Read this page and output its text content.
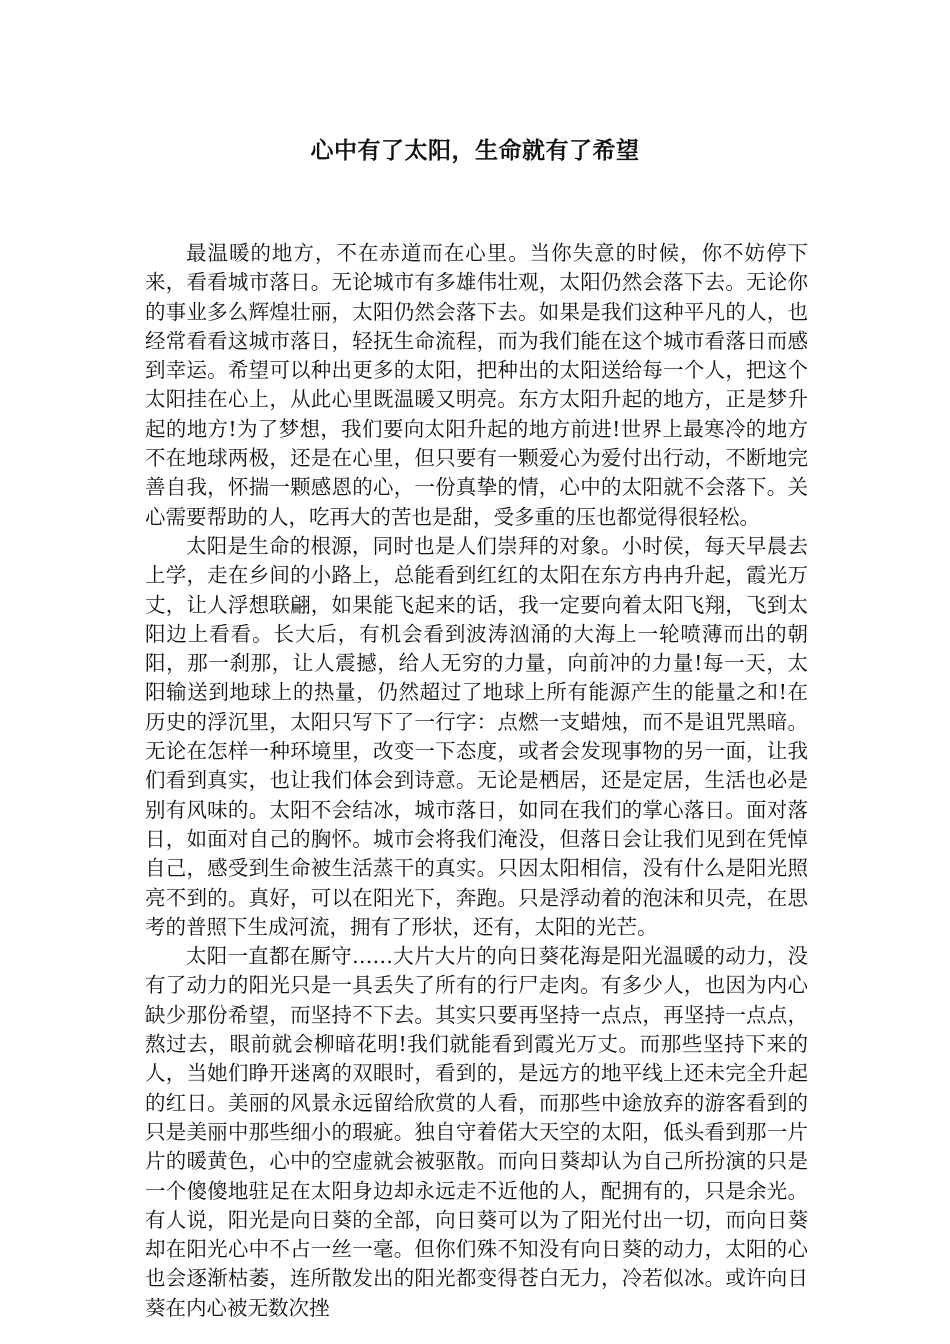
心中有了太阳，生命就有了希望

最温暖的地方，不在赤道而在心里。当你失意的时候，你不妨停下来，看看城市落日。无论城市有多雄伟壮观，太阳仍然会落下去。无论你的事业多么辉煌壮丽，太阳仍然会落下去。如果是我们这种平凡的人，也经常看看这城市落日，轻抚生命流程，而为我们能在这个城市看落日而感到幸运。希望可以种出更多的太阳，把种出的太阳送给每一个人，把这个太阳挂在心上，从此心里既温暖又明亮。东方太阳升起的地方，正是梦升起的地方!为了梦想，我们要向太阳升起的地方前进!世界上最寒冷的地方不在地球两极，还是在心里，但只要有一颗爱心为爱付出行动，不断地完善自我，怀揣一颗感恩的心，一份真挚的情，心中的太阳就不会落下。关心需要帮助的人，吃再大的苦也是甜，受多重的压也都觉得很轻松。

太阳是生命的根源，同时也是人们崇拜的对象。小时侯，每天早晨去上学，走在乡间的小路上，总能看到红红的太阳在东方冉冉升起，霞光万丈，让人浮想联翩，如果能飞起来的话，我一定要向着太阳飞翔，飞到太阳边上看看。长大后，有机会看到波涛汹涌的大海上一轮喷薄而出的朝阳，那一刹那，让人震撼，给人无穷的力量，向前冲的力量!每一天，太阳输送到地球上的热量，仍然超过了地球上所有能源产生的能量之和!在历史的浮沉里，太阳只写下了一行字：点燃一支蜡烛，而不是诅咒黑暗。无论在怎样一种环境里，改变一下态度，或者会发现事物的另一面，让我们看到真实，也让我们体会到诗意。无论是栖居，还是定居，生活也必是别有风味的。太阳不会结冰，城市落日，如同在我们的掌心落日。面对落日，如面对自己的胸怀。城市会将我们淹没，但落日会让我们见到在凭悼自己，感受到生命被生活蒸干的真实。只因太阳相信，没有什么是阳光照亮不到的。真好，可以在阳光下，奔跑。只是浮动着的泡沫和贝壳，在思考的普照下生成河流，拥有了形状，还有，太阳的光芒。

太阳一直都在厮守……大片大片的向日葵花海是阳光温暖的动力，没有了动力的阳光只是一具丢失了所有的行尸走肉。有多少人，也因为内心缺少那份希望，而坚持不下去。其实只要再坚持一点点，再坚持一点点，熬过去，眼前就会柳暗花明!我们就能看到霞光万丈。而那些坚持下来的人，当她们睁开迷离的双眼时，看到的，是远方的地平线上还未完全升起的红日。美丽的风景永远留给欣赏的人看，而那些中途放弃的游客看到的只是美丽中那些细小的瑕疵。独自守着偌大天空的太阳，低头看到那一片片的暖黄色，心中的空虚就会被驱散。而向日葵却认为自己所扮演的只是一个傻傻地驻足在太阳身边却永远走不近他的人，配拥有的，只是余光。有人说，阳光是向日葵的全部，向日葵可以为了阳光付出一切，而向日葵却在阳光心中不占一丝一毫。但你们殊不知没有向日葵的动力，太阳的心也会逐渐枯萎，连所散发出的阳光都变得苍白无力，冷若似冰。或许向日葵在内心被无数次挫
